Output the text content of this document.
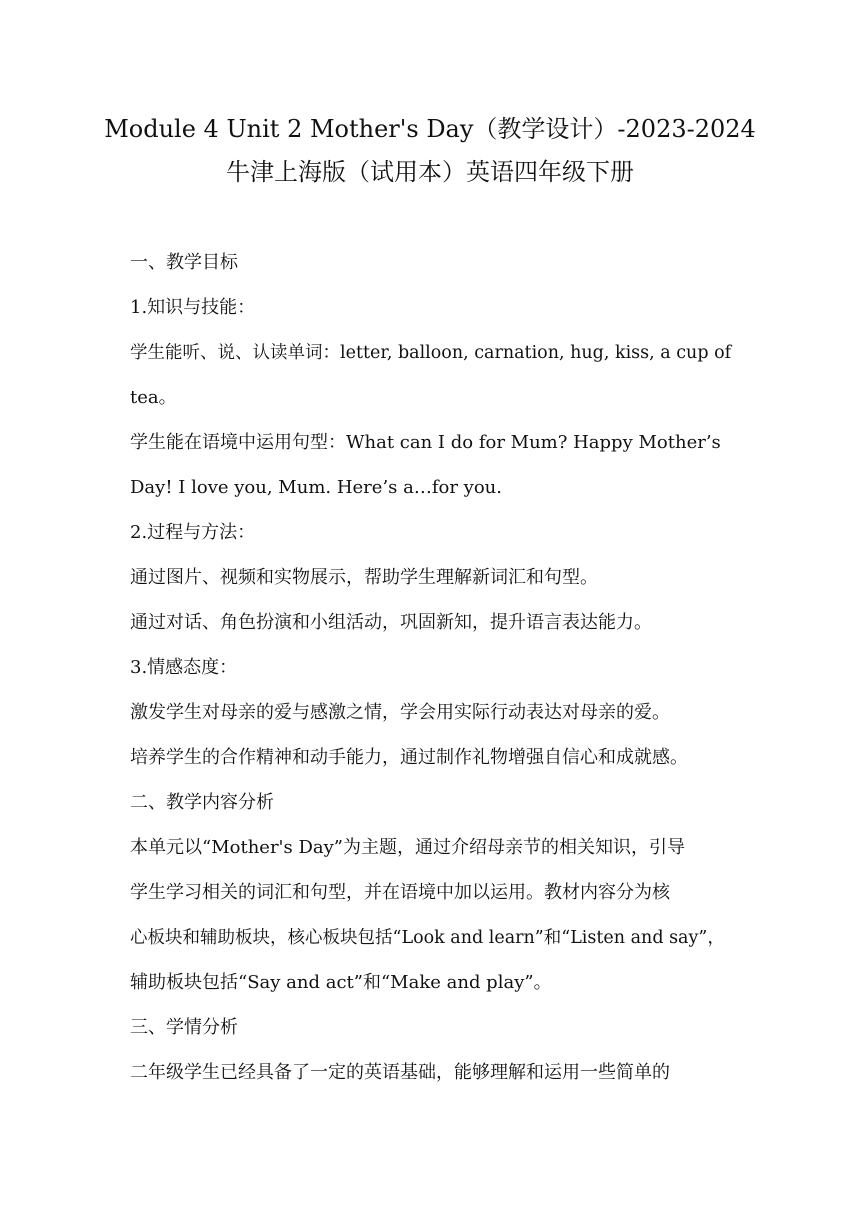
Module 4 Unit 2 Mother's Day（教学设计）-2023-2024
牛津上海版（试用本）英语四年级下册
一、教学目标
1.知识与技能：
学生能听、说、认读单词：letter, balloon, carnation, hug, kiss, a cup of
tea。
学生能在语境中运用句型：What can I do for Mum? Happy Mother’s
Day! I love you, Mum. Here’s a…for you.
2.过程与方法：
通过图片、视频和实物展示，帮助学生理解新词汇和句型。
通过对话、角色扮演和小组活动，巩固新知，提升语言表达能力。
3.情感态度：
激发学生对母亲的爱与感激之情，学会用实际行动表达对母亲的爱。
培养学生的合作精神和动手能力，通过制作礼物增强自信心和成就感。
二、教学内容分析
本单元以“Mother's Day”为主题，通过介绍母亲节的相关知识，引导
学生学习相关的词汇和句型，并在语境中加以运用。教材内容分为核
心板块和辅助板块，核心板块包括“Look and learn”和“Listen and say”，
辅助板块包括“Say and act”和“Make and play”。
三、学情分析
二年级学生已经具备了一定的英语基础，能够理解和运用一些简单的
